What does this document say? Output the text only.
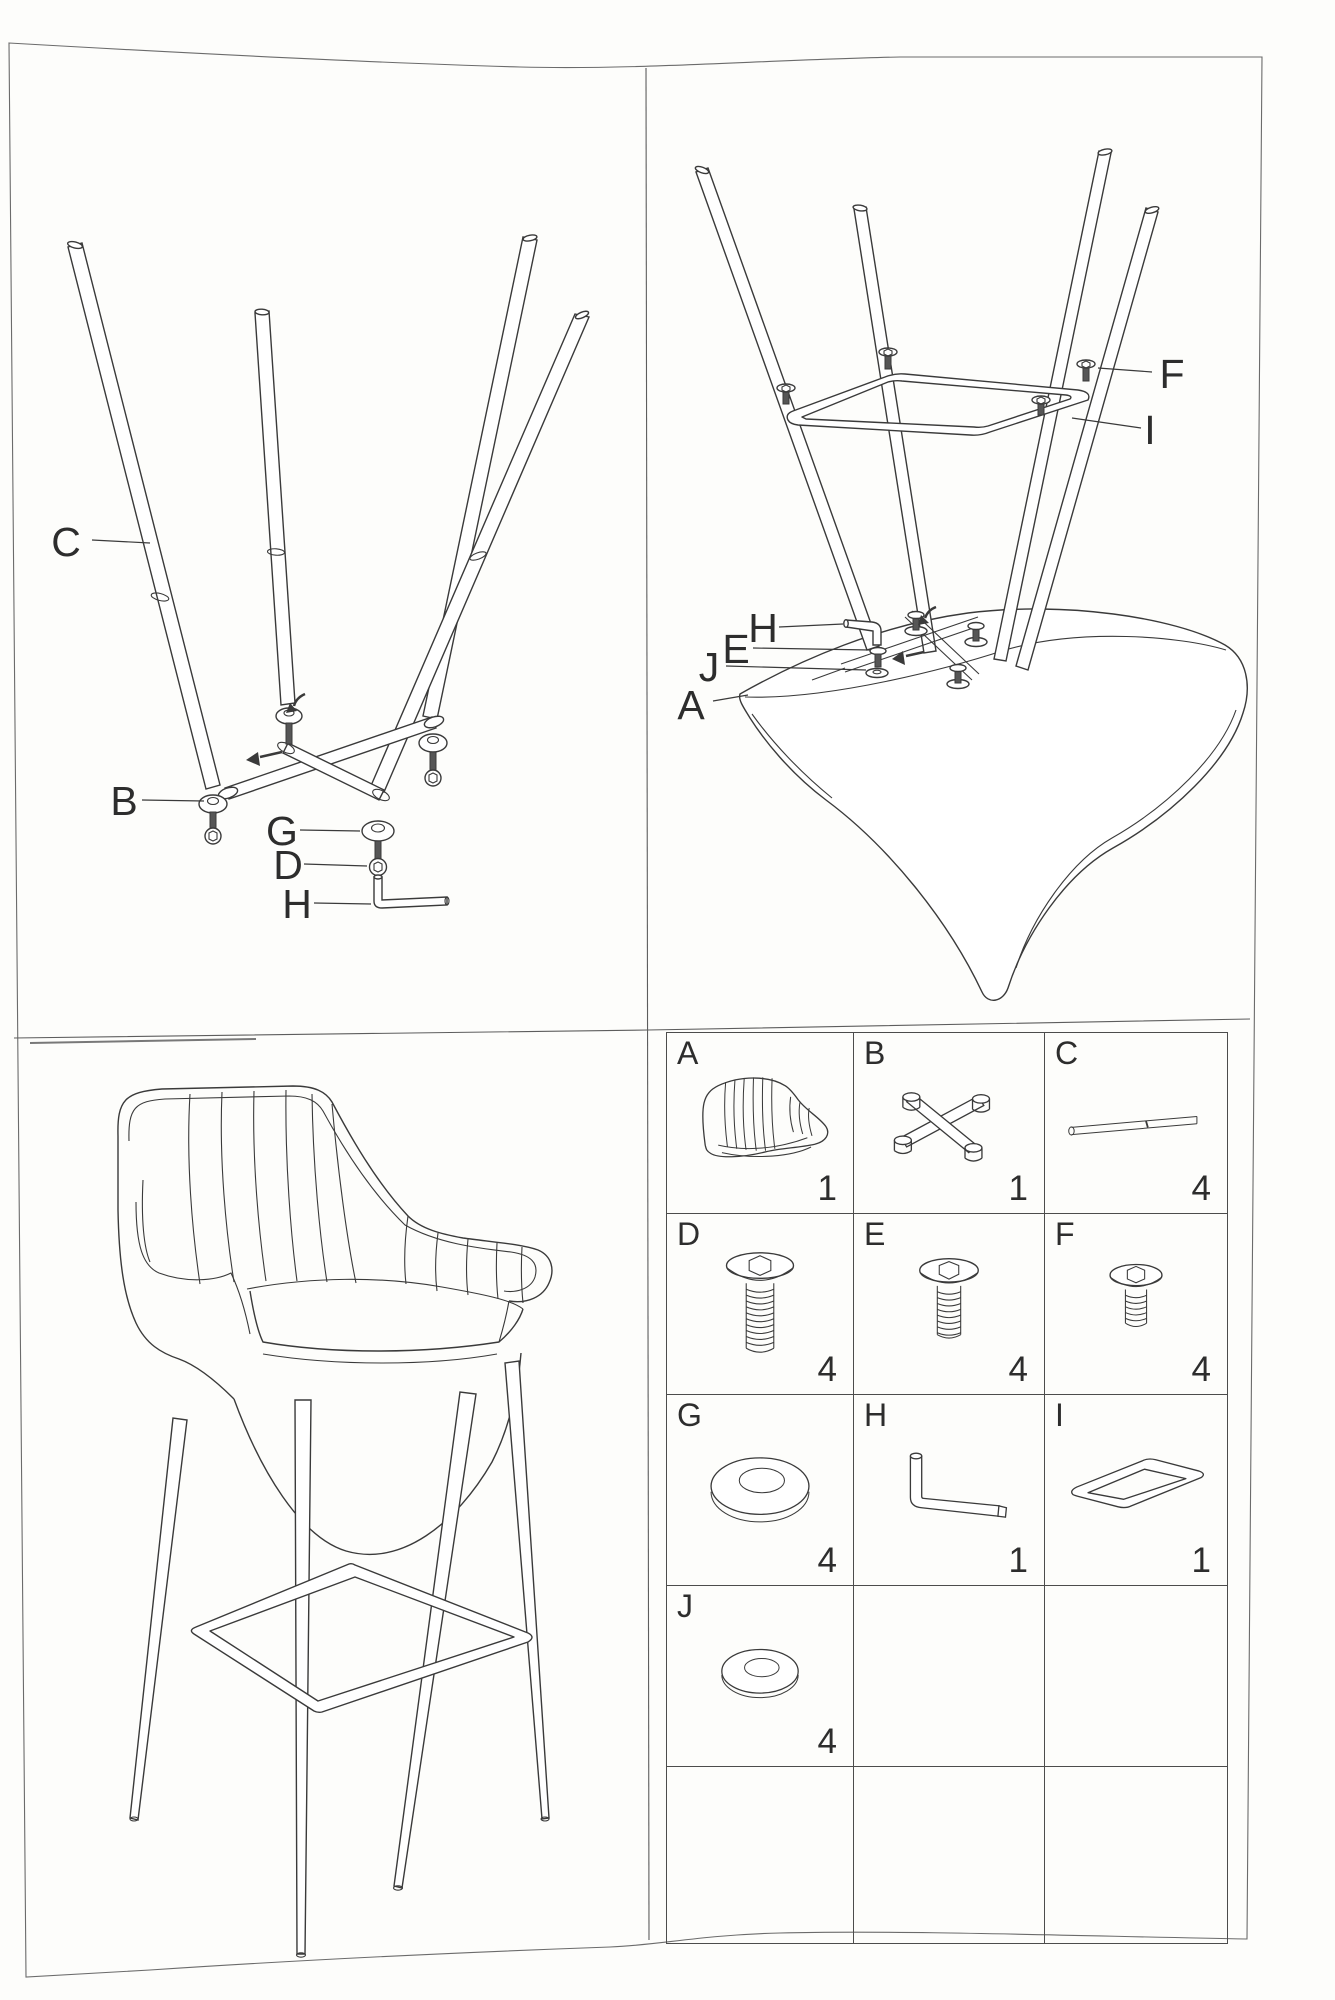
C
B
G
D
H
F
I
H
E
J
A
A
1
B
1
C
4
D
4
E
4
F
4
G
4
H
1
I
1
J
4
